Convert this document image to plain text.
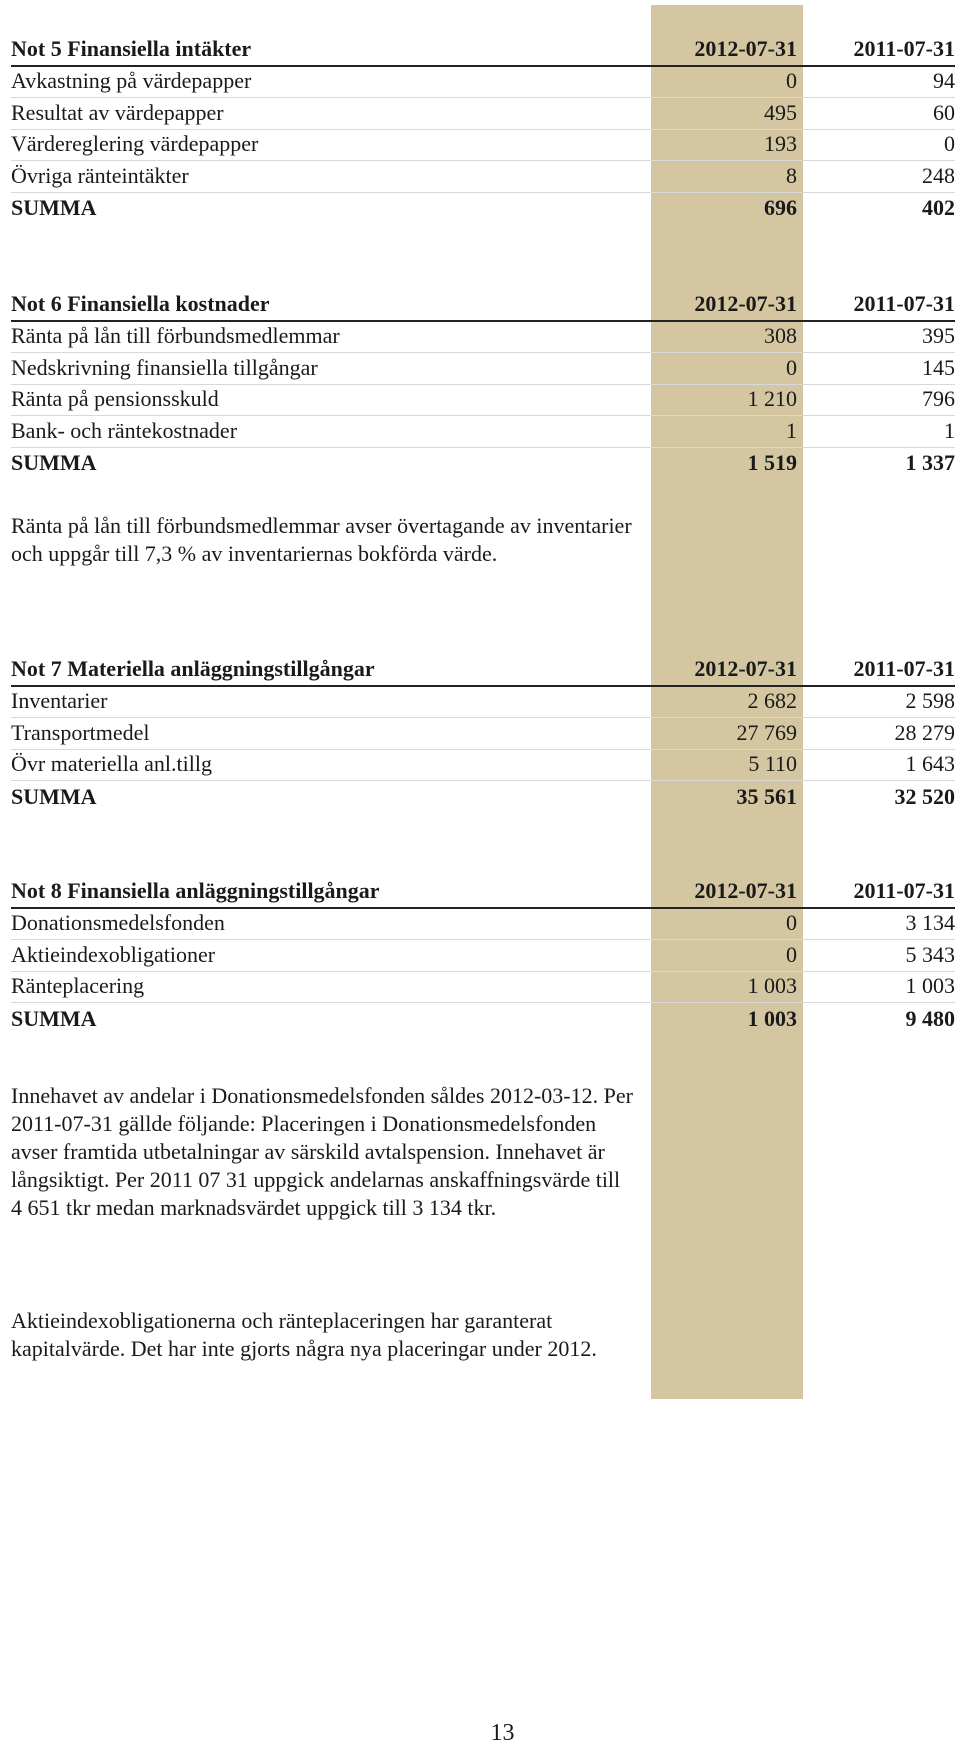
Not 5 Finansiella intäkter	2012-07-31	2011-07-31
Avkastning på värdepapper	0	94
Resultat av värdepapper	495	60
Värdereglering värdepapper	193	0
Övriga ränteintäkter	8	248
SUMMA	696	402
Not 6 Finansiella kostnader	2012-07-31	2011-07-31
Ränta på lån till förbundsmedlemmar	308	395
Nedskrivning finansiella tillgångar	0	145
Ränta på pensionsskuld	1 210	796
Bank- och räntekostnader	1	1
SUMMA	1 519	1 337

Ränta på lån till förbundsmedlemmar avser övertagande av inventarier och uppgår till 7,3 % av inventariernas bokförda värde.

Not 7 Materiella anläggningstillgångar	2012-07-31	2011-07-31
Inventarier	2 682	2 598
Transportmedel	27 769	28 279
Övr materiella anl.tillg	5 110	1 643
SUMMA	35 561	32 520
Not 8 Finansiella anläggningstillgångar	2012-07-31	2011-07-31
Donationsmedelsfonden	0	3 134
Aktieindexobligationer	0	5 343
Ränteplacering	1 003	1 003
SUMMA	1 003	9 480

Innehavet av andelar i Donationsmedelsfonden såldes 2012-03-12. Per 2011-07-31 gällde följande: Placeringen i Donationsmedelsfonden avser framtida utbetalningar av särskild avtalspension. Innehavet är långsiktigt. Per 2011 07 31 uppgick andelarnas anskaffningsvärde till 4 651 tkr medan marknadsvärdet uppgick till 3 134 tkr.

Aktieindexobligationerna och ränteplaceringen har garanterat kapitalvärde. Det har inte gjorts några nya placeringar under 2012.

13
